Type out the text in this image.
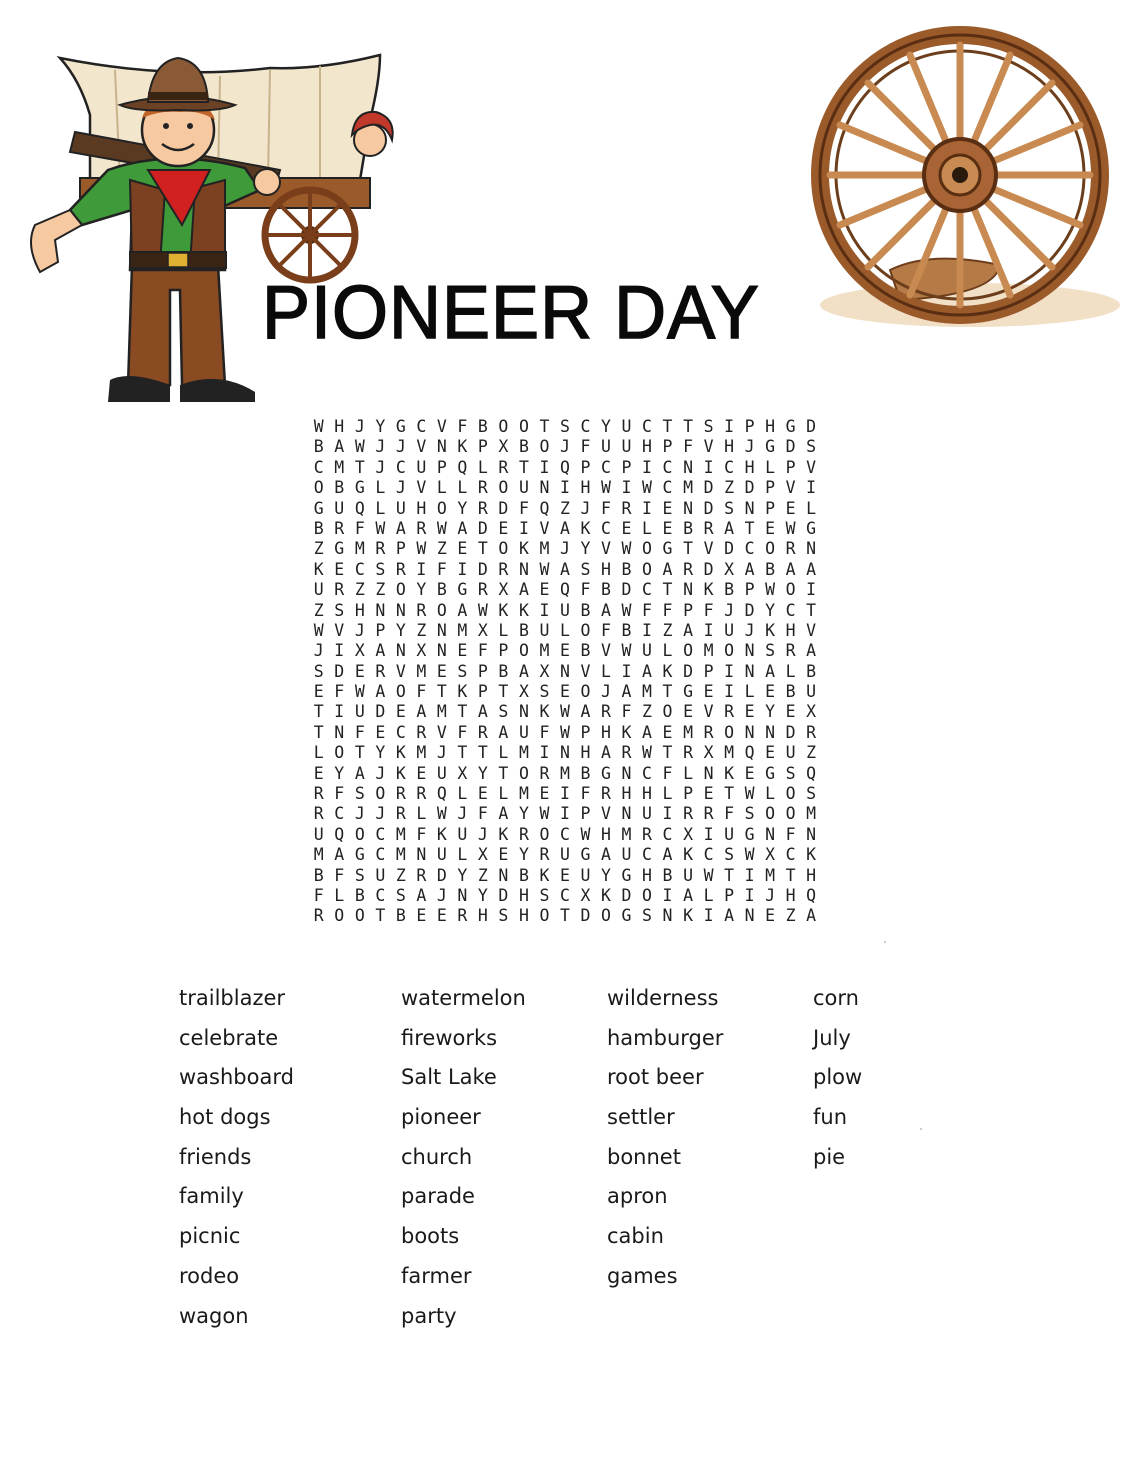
PIONEER DAY
W H J Y G C V F B O O T S C Y U C T T S I P H G D
B A W J J V N K P X B O J F U U H P F V H J G D S
C M T J C U P Q L R T I Q P C P I C N I C H L P V
O B G L J V L L R O U N I H W I W C M D Z D P V I
G U Q L U H O Y R D F Q Z J F R I E N D S N P E L
B R F W A R W A D E I V A K C E L E B R A T E W G
Z G M R P W Z E T O K M J Y V W O G T V D C O R N
K E C S R I F I D R N W A S H B O A R D X A B A A
U R Z Z O Y B G R X A E Q F B D C T N K B P W O I
Z S H N N R O A W K K I U B A W F F P F J D Y C T
W V J P Y Z N M X L B U L O F B I Z A I U J K H V
J I X A N X N E F P O M E B V W U L O M O N S R A
S D E R V M E S P B A X N V L I A K D P I N A L B
E F W A O F T K P T X S E O J A M T G E I L E B U
T I U D E A M T A S N K W A R F Z O E V R E Y E X
T N F E C R V F R A U F W P H K A E M R O N N D R
L O T Y K M J T T L M I N H A R W T R X M Q E U Z
E Y A J K E U X Y T O R M B G N C F L N K E G S Q
R F S O R R Q L E L M E I F R H H L P E T W L O S
R C J J R L W J F A Y W I P V N U I R R F S O O M
U Q O C M F K U J K R O C W H M R C X I U G N F N
M A G C M N U L X E Y R U G A U C A K C S W X C K
B F S U Z R D Y Z N B K E U Y G H B U W T I M T H
F L B C S A J N Y D H S C X K D O I A L P I J H Q
R O O T B E E R H S H O T D O G S N K I A N E Z A
trailblazer
celebrate
washboard
hot dogs
friends
family
picnic
rodeo
wagon
watermelon
fireworks
Salt Lake
pioneer
church
parade
boots
farmer
party
wilderness
hamburger
root beer
settler
bonnet
apron
cabin
games
corn
July
plow
fun
pie
